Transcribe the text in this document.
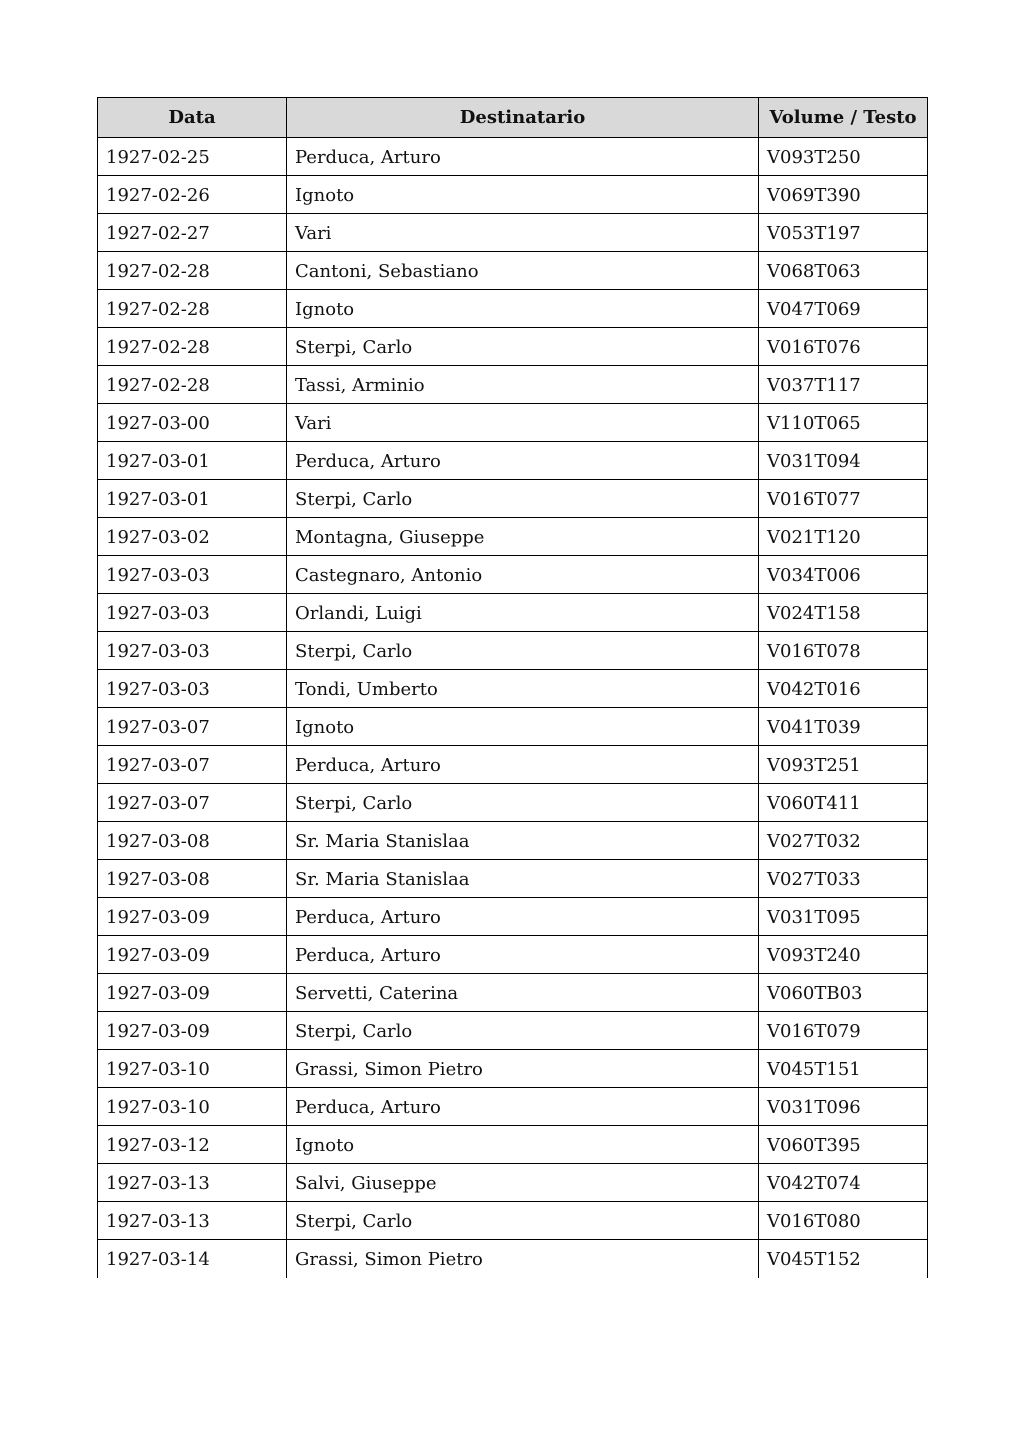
Data	Destinatario	Volume / Testo
1927-02-25	Perduca, Arturo	V093T250
1927-02-26	Ignoto	V069T390
1927-02-27	Vari	V053T197
1927-02-28	Cantoni, Sebastiano	V068T063
1927-02-28	Ignoto	V047T069
1927-02-28	Sterpi, Carlo	V016T076
1927-02-28	Tassi, Arminio	V037T117
1927-03-00	Vari	V110T065
1927-03-01	Perduca, Arturo	V031T094
1927-03-01	Sterpi, Carlo	V016T077
1927-03-02	Montagna, Giuseppe	V021T120
1927-03-03	Castegnaro, Antonio	V034T006
1927-03-03	Orlandi, Luigi	V024T158
1927-03-03	Sterpi, Carlo	V016T078
1927-03-03	Tondi, Umberto	V042T016
1927-03-07	Ignoto	V041T039
1927-03-07	Perduca, Arturo	V093T251
1927-03-07	Sterpi, Carlo	V060T411
1927-03-08	Sr. Maria Stanislaa	V027T032
1927-03-08	Sr. Maria Stanislaa	V027T033
1927-03-09	Perduca, Arturo	V031T095
1927-03-09	Perduca, Arturo	V093T240
1927-03-09	Servetti, Caterina	V060TB03
1927-03-09	Sterpi, Carlo	V016T079
1927-03-10	Grassi, Simon Pietro	V045T151
1927-03-10	Perduca, Arturo	V031T096
1927-03-12	Ignoto	V060T395
1927-03-13	Salvi, Giuseppe	V042T074
1927-03-13	Sterpi, Carlo	V016T080
1927-03-14	Grassi, Simon Pietro	V045T152
